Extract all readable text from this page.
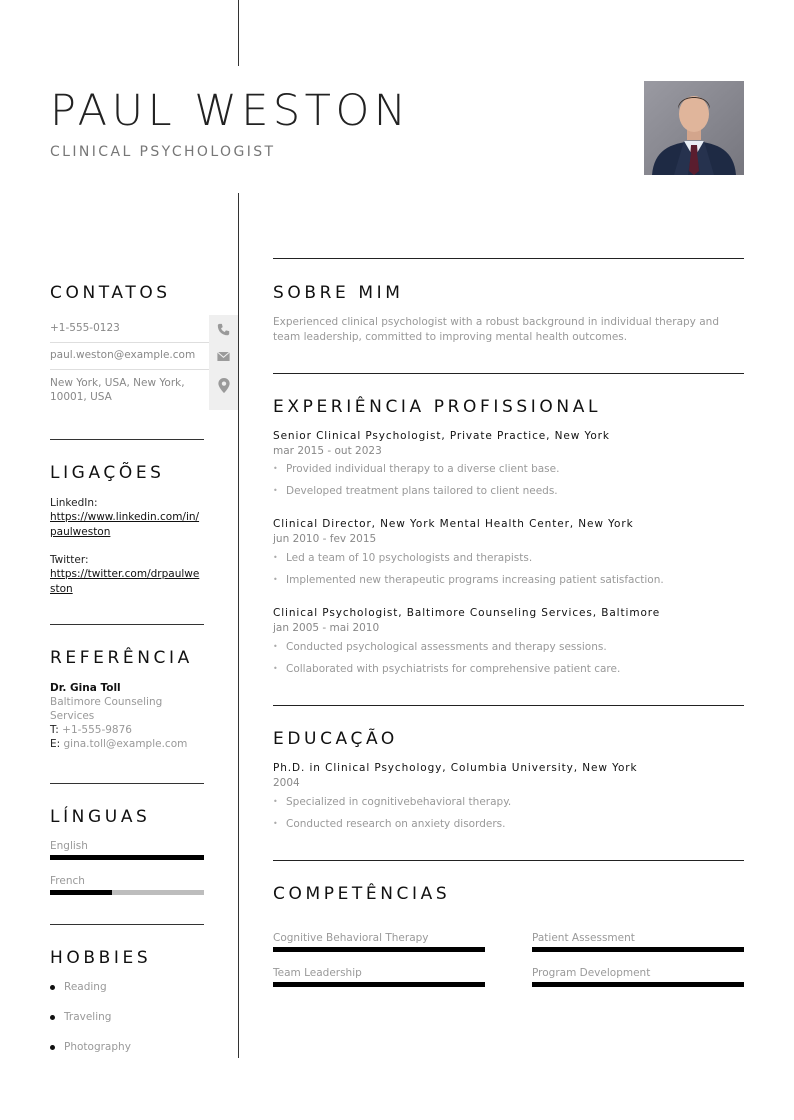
PAUL WESTON
CLINICAL PSYCHOLOGIST
CONTATOS
+1-555-0123
paul.weston@example.com
New York, USA, New York, 10001, USA
LIGAÇÕES
LinkedIn:
https://www.linkedin.com/in/paulweston
Twitter:
https://twitter.com/drpaulweston
REFERÊNCIA
Dr. Gina Toll
Baltimore Counseling Services
T: +1-555-9876
E: gina.toll@example.com
LÍNGUAS
English
French
HOBBIES
Reading
Traveling
Photography
SOBRE MIM
Experienced clinical psychologist with a robust background in individual therapy and team leadership, committed to improving mental health outcomes.
EXPERIÊNCIA PROFISSIONAL
Senior Clinical Psychologist, Private Practice, New York
mar 2015 - out 2023
• Provided individual therapy to a diverse client base.
• Developed treatment plans tailored to client needs.
Clinical Director, New York Mental Health Center, New York
jun 2010 - fev 2015
• Led a team of 10 psychologists and therapists.
• Implemented new therapeutic programs increasing patient satisfaction.
Clinical Psychologist, Baltimore Counseling Services, Baltimore
jan 2005 - mai 2010
• Conducted psychological assessments and therapy sessions.
• Collaborated with psychiatrists for comprehensive patient care.
EDUCAÇÃO
Ph.D. in Clinical Psychology, Columbia University, New York
2004
• Specialized in cognitivebehavioral therapy.
• Conducted research on anxiety disorders.
COMPETÊNCIAS
Cognitive Behavioral Therapy	Patient Assessment
Team Leadership	Program Development
